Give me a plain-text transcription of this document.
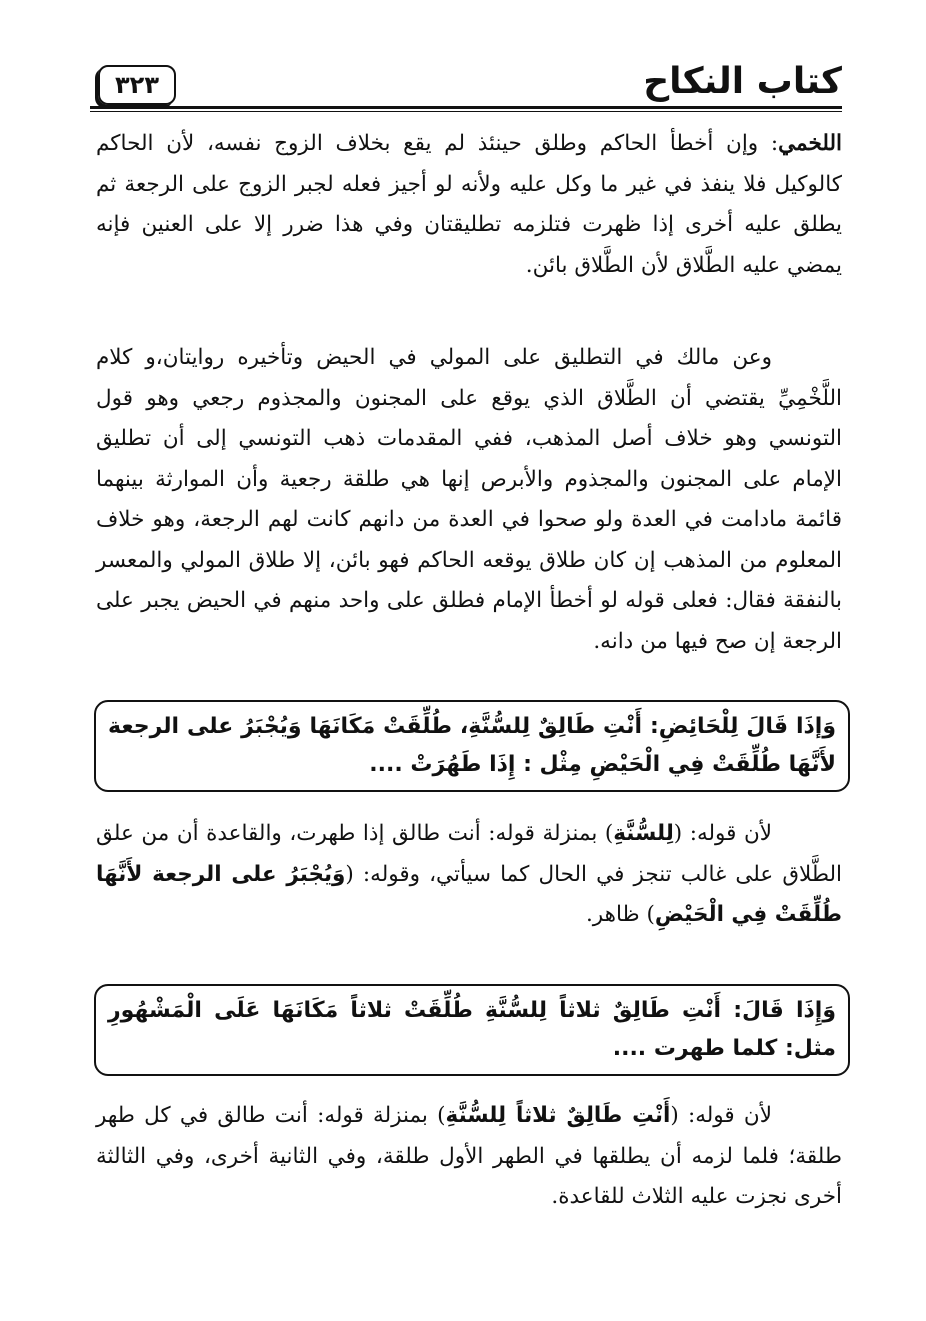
كتاب النكاح
٣٢٣
اللخمي: وإن أخطأ الحاكم وطلق حينئذ لم يقع بخلاف الزوج نفسه، لأن الحاكم كالوكيل فلا ينفذ في غير ما وكل عليه ولأنه لو أجيز فعله لجبر الزوج على الرجعة ثم يطلق عليه أخرى إذا ظهرت فتلزمه تطليقتان وفي هذا ضرر إلا على العنين فإنه يمضي عليه الطَّلاق لأن الطَّلاق بائن.
وعن مالك في التطليق على المولي في الحيض وتأخيره روايتان،و كلام اللَّخْمِيِّ يقتضي أن الطَّلاق الذي يوقع على المجنون والمجذوم رجعي وهو قول التونسي وهو خلاف أصل المذهب، ففي المقدمات ذهب التونسي إلى أن تطليق الإمام على المجنون والمجذوم والأبرص إنها هي طلقة رجعية وأن الموارثة بينهما قائمة مادامت في العدة ولو صحوا في العدة من دانهم كانت لهم الرجعة، وهو خلاف المعلوم من المذهب إن كان طلاق يوقعه الحاكم فهو بائن، إلا طلاق المولي والمعسر بالنفقة فقال: فعلى قوله لو أخطأ الإمام فطلق على واحد منهم في الحيض يجبر على الرجعة إن صح فيها من دانه.
وَإذَا قَالَ لِلْحَائِضِ: أَنْتِ طَالِقٌ لِلسُّنَّةِ، طُلِّقَتْ مَكَانَهَا وَيُجْبَرُ على الرجعة لأَنَّهَا طُلِّقَتْ فِي الْحَيْضِ مِثْل : إِذَا طَهُرَتْ ....
لأن قوله: (لِلسُّنَّةِ) بمنزلة قوله: أنت طالق إذا طهرت، والقاعدة أن من علق الطَّلاق على غالب تنجز في الحال كما سيأتي، وقوله: (وَيُجْبَرُ على الرجعة لأَنَّهَا طُلِّقَتْ فِي الْحَيْضِ) ظاهر.
وَإِذَا قَالَ: أَنْتِ طَالِقٌ ثلاثاً لِلسُّنَّةِ طُلِّقَتْ ثلاثاً مَكَانَهَا عَلَى الْمَشْهُورِ مثل: كلما طهرت ....
لأن قوله: (أَنْتِ طَالِقٌ ثلاثاً لِلسُّنَّةِ) بمنزلة قوله: أنت طالق في كل طهر طلقة؛ فلما لزمه أن يطلقها في الطهر الأول طلقة، وفي الثانية أخرى، وفي الثالثة أخرى نجزت عليه الثلاث للقاعدة.
